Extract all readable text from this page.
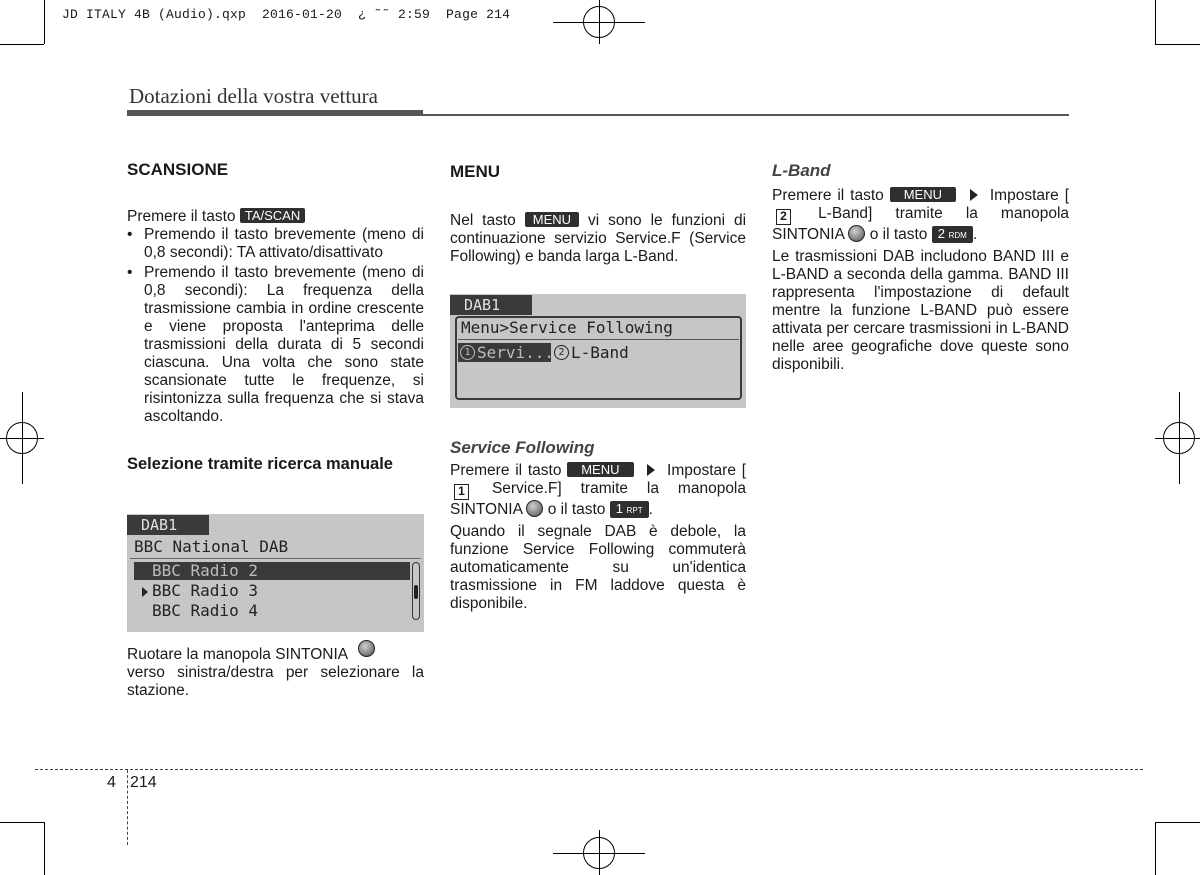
JD ITALY 4B (Audio).qxp  2016-01-20  ¿ ˜˜ 2:59  Page 214
Dotazioni della vostra vettura
SCANSIONE

Premere il tasto TA/SCAN

• Premendo il tasto brevemente (meno di 0,8 secondi): TA attivato/disattivato
• Premendo il tasto brevemente (meno di 0,8 secondi): La frequenza della trasmissione cambia in ordine crescente e viene proposta l'anteprima delle trasmissioni della durata di 5 secondi ciascuna. Una volta che sono state scansionate tutte le frequenze, si risintonizza sulla frequenza che si stava ascoltando.
Selezione tramite ricerca manuale
DAB1
BBC National DAB
BBC Radio 2
BBC Radio 3
BBC Radio 4

Ruotare la manopola SINTONIA

verso sinistra/destra per selezionare la stazione.

MENU

Nel tasto MENU vi sono le funzioni di continuazione servizio Service.F (Service Following) e banda larga L-Band.

DAB1
Menu>Service Following
1 Servi... 2 L-Band
Service Following

Premere il tasto MENU	Impostare [1 Service.F] tramite la manopola SINTONIA o il tasto 1 RPT .

Quando il segnale DAB è debole, la funzione Service Following commuterà automaticamente su un'identica trasmissione in FM laddove questa è disponibile.

L-Band

Premere il tasto MENU	Impostare [2 L-Band] tramite la manopola SINTONIA o il tasto 2 RDM .

Le trasmissioni DAB includono BAND III e L-BAND a seconda della gamma. BAND III rappresenta l'impostazione di default mentre la funzione L-BAND può essere attivata per cercare trasmissioni in L-BAND nelle aree geografiche dove queste sono disponibili.

4 214
